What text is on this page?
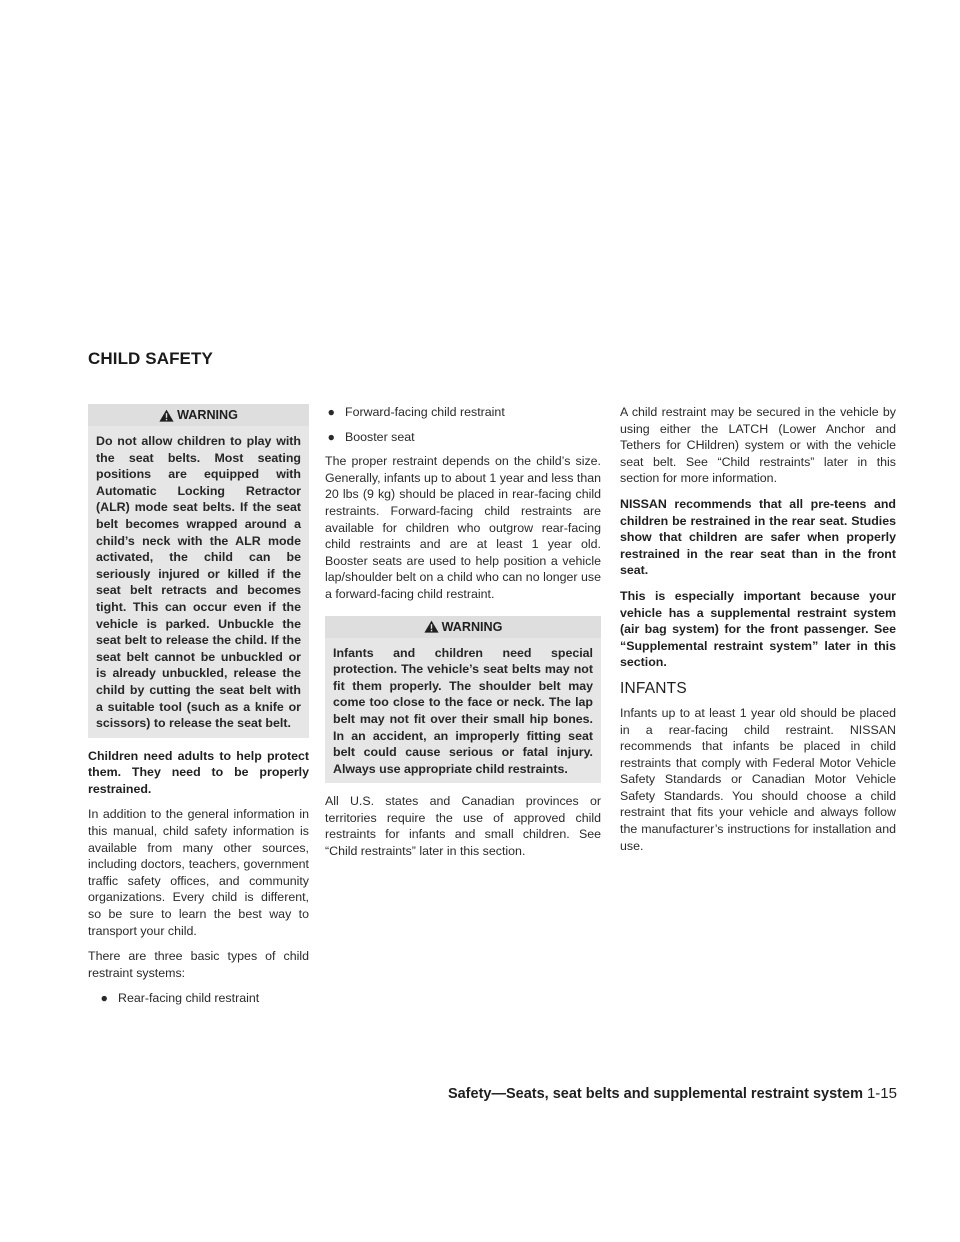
CHILD SAFETY
WARNING
Do not allow children to play with the seat belts. Most seating positions are equipped with Automatic Locking Retractor (ALR) mode seat belts. If the seat belt becomes wrapped around a child’s neck with the ALR mode activated, the child can be seriously injured or killed if the seat belt retracts and becomes tight. This can occur even if the vehicle is parked. Unbuckle the seat belt to release the child. If the seat belt cannot be unbuckled or is already unbuckled, release the child by cutting the seat belt with a suitable tool (such as a knife or scissors) to release the seat belt.

Children need adults to help protect them. They need to be properly restrained.

In addition to the general information in this manual, child safety information is available from many other sources, including doctors, teachers, government traffic safety offices, and community organizations. Every child is different, so be sure to learn the best way to transport your child.

There are three basic types of child restraint systems:

● Rear-facing child restraint
● Forward-facing child restraint
● Booster seat

The proper restraint depends on the child’s size. Generally, infants up to about 1 year and less than 20 lbs (9 kg) should be placed in rear-facing child restraints. Forward-facing child restraints are available for children who outgrow rear-facing child restraints and are at least 1 year old. Booster seats are used to help position a vehicle lap/shoulder belt on a child who can no longer use a forward-facing child restraint.

WARNING
Infants and children need special protection. The vehicle’s seat belts may not fit them properly. The shoulder belt may come too close to the face or neck. The lap belt may not fit over their small hip bones. In an accident, an improperly fitting seat belt could cause serious or fatal injury. Always use appropriate child restraints.

All U.S. states and Canadian provinces or territories require the use of approved child restraints for infants and small children. See “Child restraints” later in this section.

A child restraint may be secured in the vehicle by using either the LATCH (Lower Anchor and Tethers for CHildren) system or with the vehicle seat belt. See “Child restraints” later in this section for more information.

NISSAN recommends that all pre-teens and children be restrained in the rear seat. Studies show that children are safer when properly restrained in the rear seat than in the front seat.

This is especially important because your vehicle has a supplemental restraint system (air bag system) for the front passenger. See “Supplemental restraint system” later in this section.

INFANTS

Infants up to at least 1 year old should be placed in a rear-facing child restraint. NISSAN recommends that infants be placed in child restraints that comply with Federal Motor Vehicle Safety Standards or Canadian Motor Vehicle Safety Standards. You should choose a child restraint that fits your vehicle and always follow the manufacturer’s instructions for installation and use.

Safety—Seats, seat belts and supplemental restraint system 1-15
